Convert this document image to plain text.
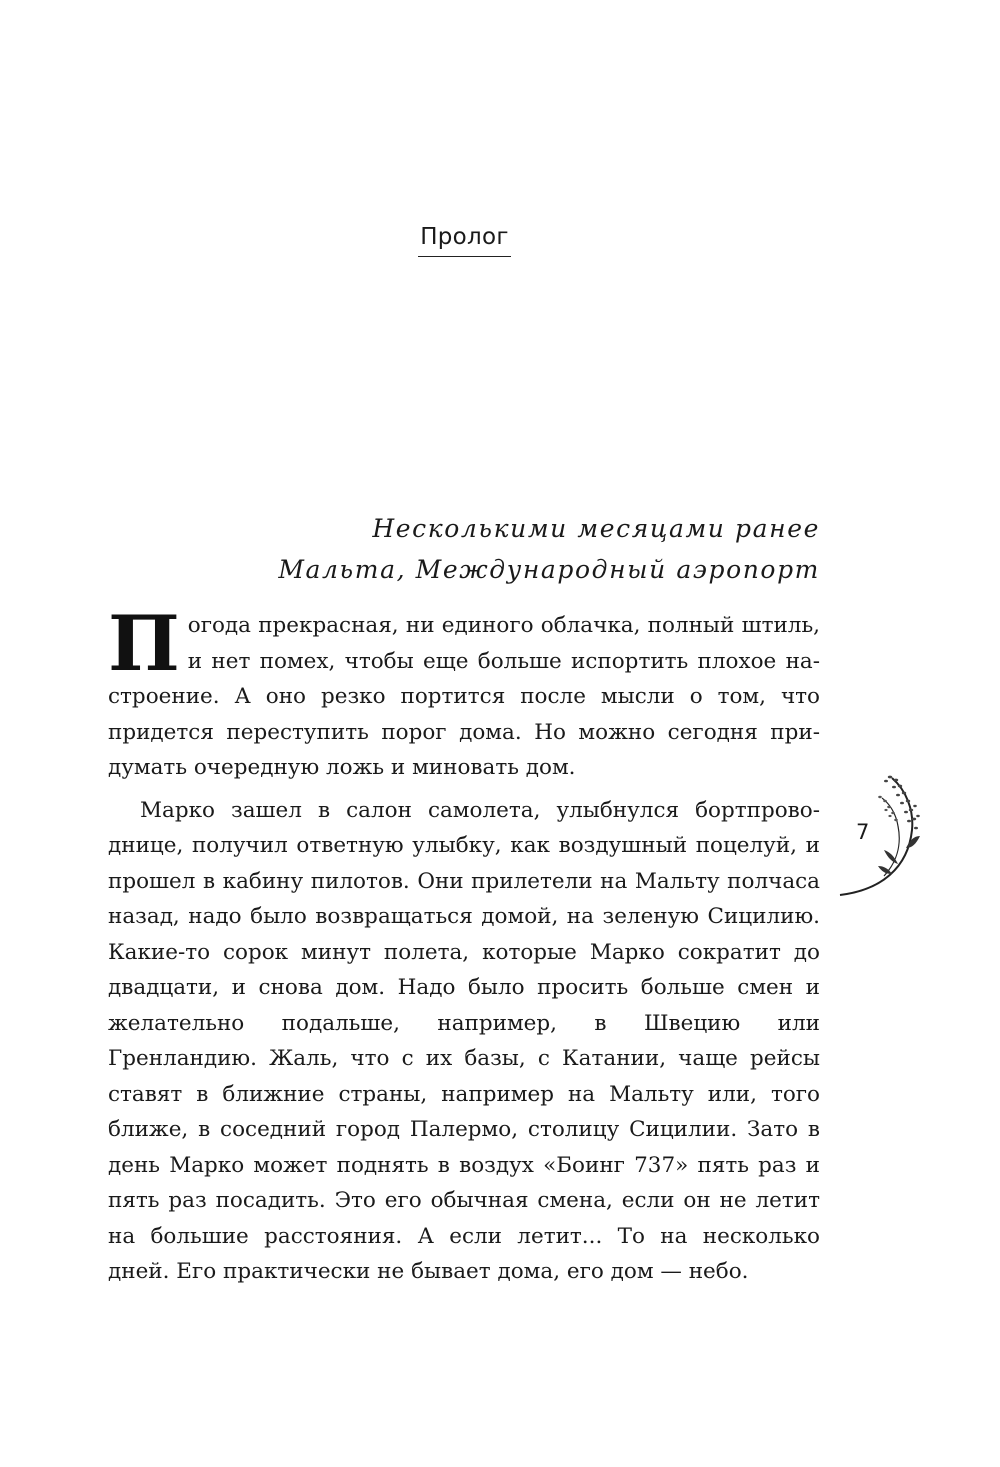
Пролог
Несколькими месяцами ранее
Мальта, Международный аэропорт

Погода прекрасная, ни единого облачка, полный штиль, и нет помех, чтобы еще больше испортить плохое настроение. А оно резко портится после мысли о том, что придется переступить порог дома. Но можно сегодня придумать очередную ложь и миновать дом.

Марко зашел в салон самолета, улыбнулся бортпроводнице, получил ответную улыбку, как воздушный поцелуй, и прошел в кабину пилотов. Они прилетели на Мальту полчаса назад, надо было возвращаться домой, на зеленую Сицилию. Какие-то сорок минут полета, которые Марко сократит до двадцати, и снова дом. Надо было просить больше смен и желательно подальше, например, в Швецию или Гренландию. Жаль, что с их базы, с Катании, чаще рейсы ставят в ближние страны, например на Мальту или, того ближе, в соседний город Палермо, столицу Сицилии. Зато в день Марко может поднять в воздух «Боинг 737» пять раз и пять раз посадить. Это его обычная смена, если он не летит на большие расстояния. А если летит... То на несколько дней. Его практически не бывает дома, его дом — небо.

7
